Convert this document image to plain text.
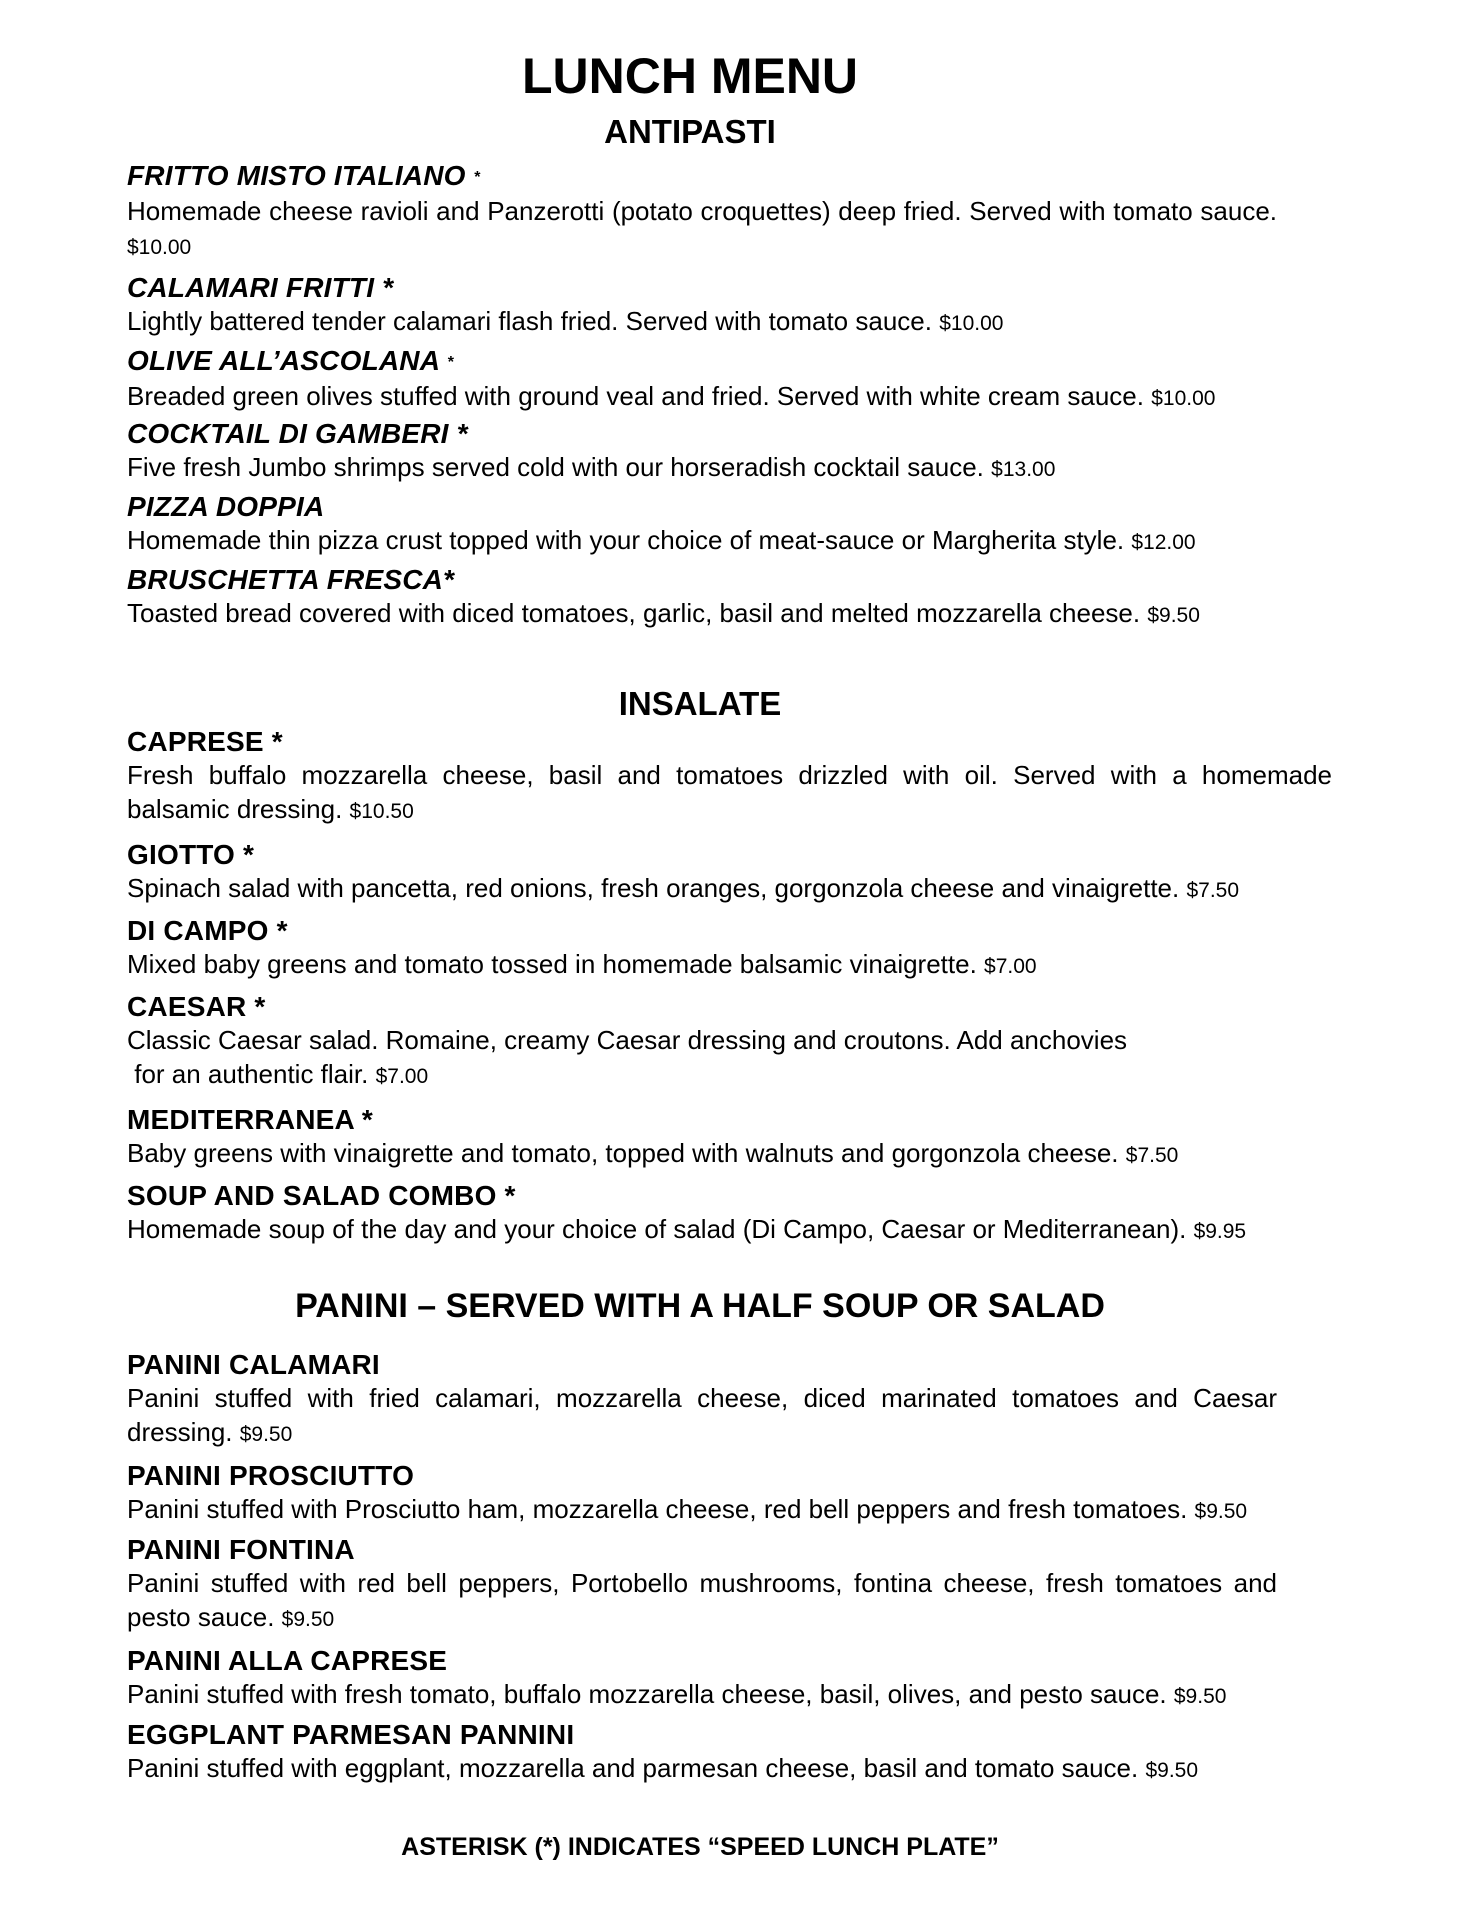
LUNCH MENU
ANTIPASTI
FRITTO MISTO ITALIANO *
Homemade cheese ravioli and Panzerotti (potato croquettes) deep fried. Served with tomato sauce. $10.00
CALAMARI FRITTI *
Lightly battered tender calamari flash fried. Served with tomato sauce. $10.00
OLIVE ALL’ASCOLANA *
Breaded green olives stuffed with ground veal and fried. Served with white cream sauce. $10.00
COCKTAIL DI GAMBERI *
Five fresh Jumbo shrimps served cold with our horseradish cocktail sauce. $13.00
PIZZA DOPPIA
Homemade thin pizza crust topped with your choice of meat-sauce or Margherita style. $12.00
BRUSCHETTA FRESCA*
Toasted bread covered with diced tomatoes, garlic, basil and melted mozzarella cheese. $9.50
INSALATE
CAPRESE *
Fresh buffalo mozzarella cheese, basil and tomatoes drizzled with oil. Served with a homemade balsamic dressing. $10.50
GIOTTO *
Spinach salad with pancetta, red onions, fresh oranges, gorgonzola cheese and vinaigrette. $7.50
DI CAMPO *
Mixed baby greens and tomato tossed in homemade balsamic vinaigrette. $7.00
CAESAR *
Classic Caesar salad. Romaine, creamy Caesar dressing and croutons. Add anchovies
for an authentic flair. $7.00
MEDITERRANEA *
Baby greens with vinaigrette and tomato, topped with walnuts and gorgonzola cheese. $7.50
SOUP AND SALAD COMBO *
Homemade soup of the day and your choice of salad (Di Campo, Caesar or Mediterranean). $9.95
PANINI – SERVED WITH A HALF SOUP OR SALAD
PANINI CALAMARI
Panini stuffed with fried calamari, mozzarella cheese, diced marinated tomatoes and Caesar dressing. $9.50
PANINI PROSCIUTTO
Panini stuffed with Prosciutto ham, mozzarella cheese, red bell peppers and fresh tomatoes. $9.50
PANINI FONTINA
Panini stuffed with red bell peppers, Portobello mushrooms, fontina cheese, fresh tomatoes and pesto sauce. $9.50
PANINI ALLA CAPRESE
Panini stuffed with fresh tomato, buffalo mozzarella cheese, basil, olives, and pesto sauce. $9.50
EGGPLANT PARMESAN PANNINI
Panini stuffed with eggplant, mozzarella and parmesan cheese, basil and tomato sauce. $9.50
ASTERISK (*) INDICATES “SPEED LUNCH PLATE”
